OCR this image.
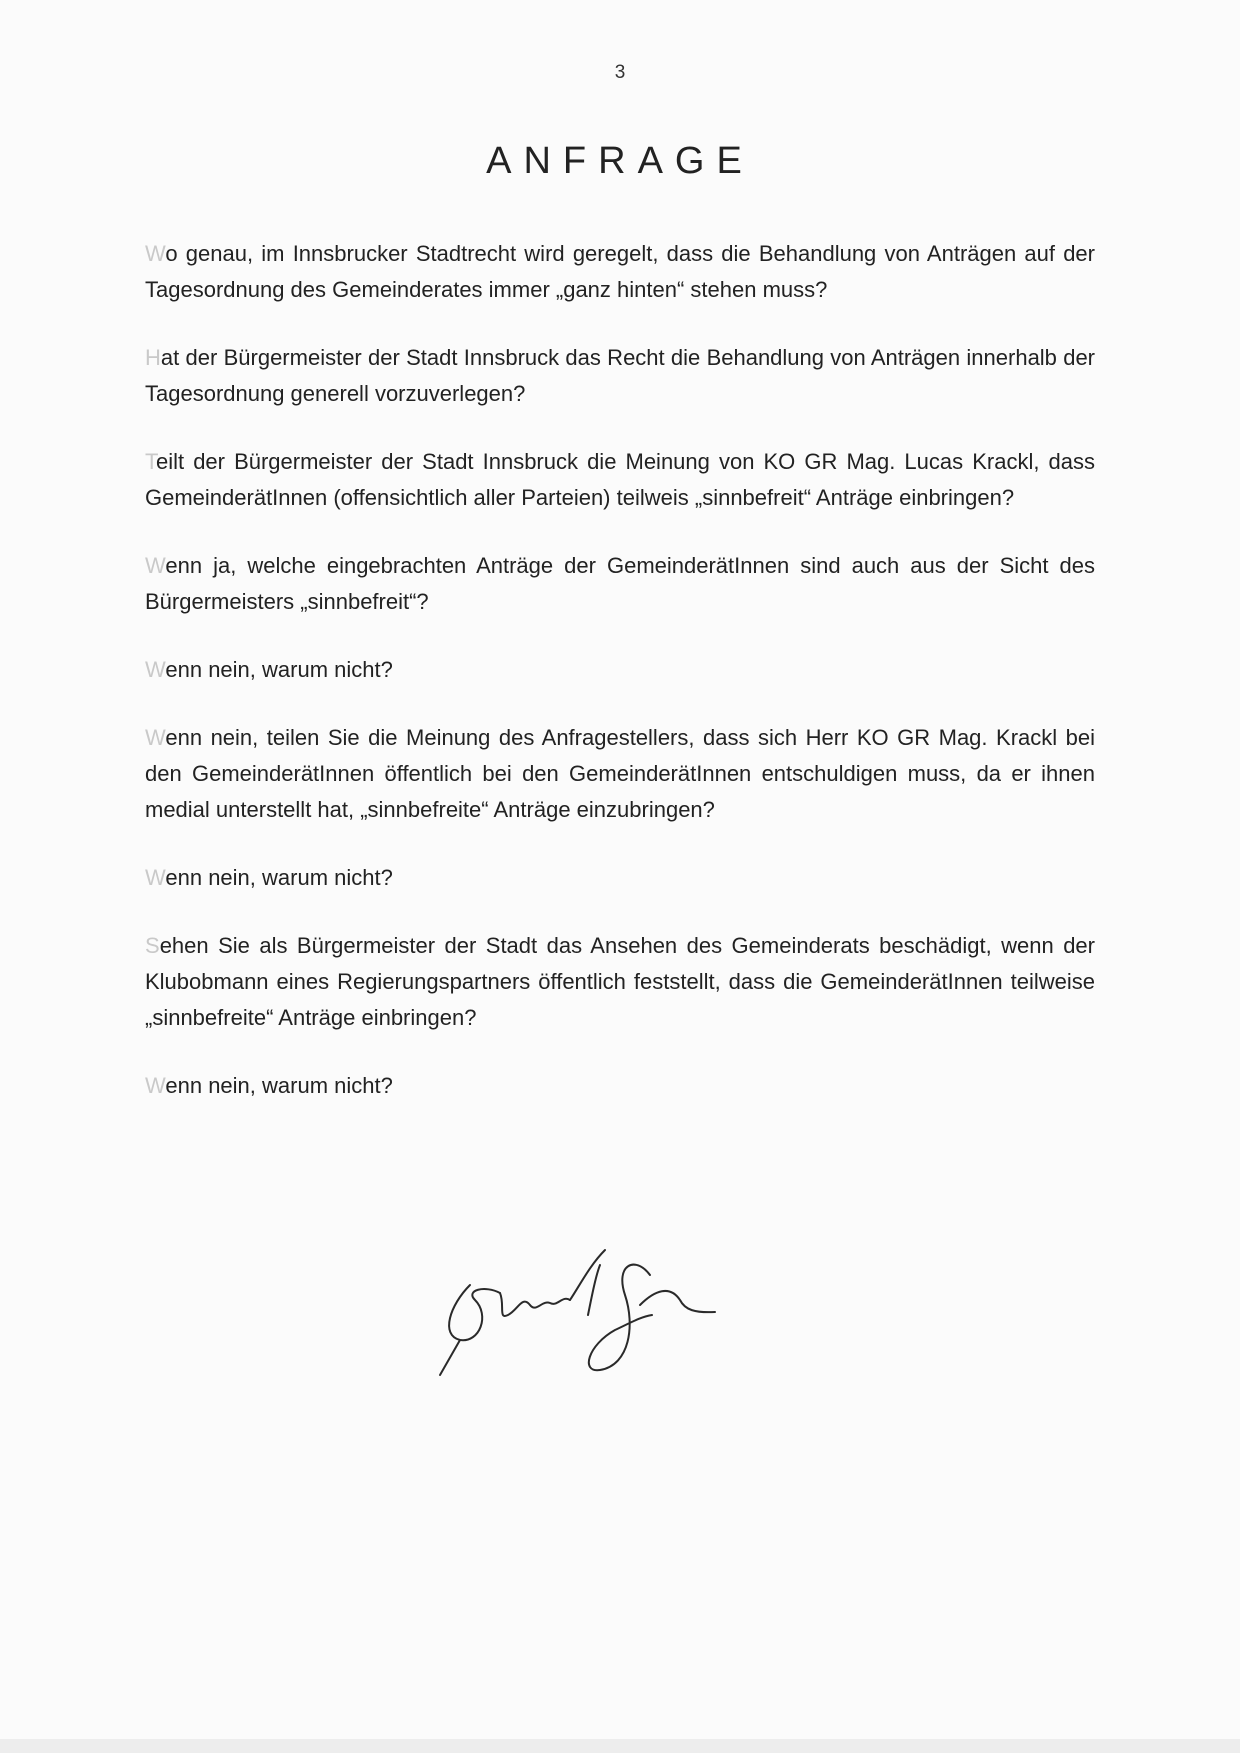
3
ANFRAGE

Wo genau, im Innsbrucker Stadtrecht wird geregelt, dass die Behandlung von Anträgen auf der Tagesordnung des Gemeinderates immer „ganz hinten“ stehen muss?

Hat der Bürgermeister der Stadt Innsbruck das Recht die Behandlung von Anträgen innerhalb der Tagesordnung generell vorzuverlegen?

Teilt der Bürgermeister der Stadt Innsbruck die Meinung von KO GR Mag. Lucas Krackl, dass GemeinderätInnen (offensichtlich aller Parteien) teilweis „sinnbefreit“ Anträge einbringen?

Wenn ja, welche eingebrachten Anträge der GemeinderätInnen sind auch aus der Sicht des Bürgermeisters „sinnbefreit“?

Wenn nein, warum nicht?

Wenn nein, teilen Sie die Meinung des Anfragestellers, dass sich Herr KO GR Mag. Krackl bei den GemeinderätInnen öffentlich bei den GemeinderätInnen entschuldigen muss, da er ihnen medial unterstellt hat, „sinnbefreite“ Anträge einzubringen?

Wenn nein, warum nicht?

Sehen Sie als Bürgermeister der Stadt das Ansehen des Gemeinderats beschädigt, wenn der Klubobmann eines Regierungspartners öffentlich feststellt, dass die GemeinderätInnen teilweise „sinnbefreite“ Anträge einbringen?

Wenn nein, warum nicht?
